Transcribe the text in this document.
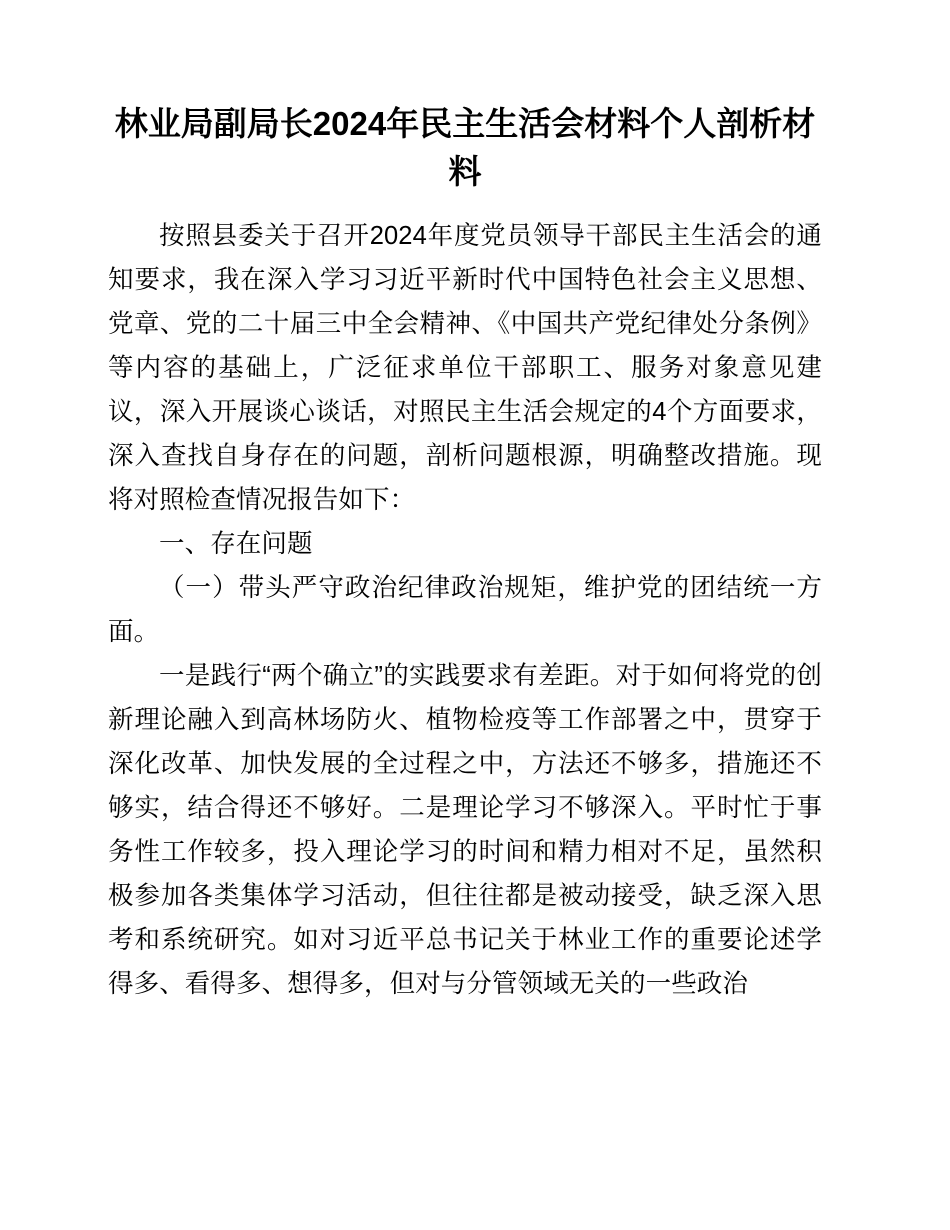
林业局副局长2024年民主生活会材料个人剖析材料

按照县委关于召开2024年度党员领导干部民主生活会的通知要求，我在深入学习习近平新时代中国特色社会主义思想、党章、党的二十届三中全会精神、《中国共产党纪律处分条例》等内容的基础上，广泛征求单位干部职工、服务对象意见建议，深入开展谈心谈话，对照民主生活会规定的4个方面要求，深入查找自身存在的问题，剖析问题根源，明确整改措施。现将对照检查情况报告如下：

一、存在问题

（一）带头严守政治纪律政治规矩，维护党的团结统一方面。

一是践行“两个确立”的实践要求有差距。对于如何将党的创新理论融入到高林场防火、植物检疫等工作部署之中，贯穿于深化改革、加快发展的全过程之中，方法还不够多，措施还不够实，结合得还不够好。二是理论学习不够深入。平时忙于事务性工作较多，投入理论学习的时间和精力相对不足，虽然积极参加各类集体学习活动，但往往都是被动接受，缺乏深入思考和系统研究。如对习近平总书记关于林业工作的重要论述学得多、看得多、想得多，但对与分管领域无关的一些政治
